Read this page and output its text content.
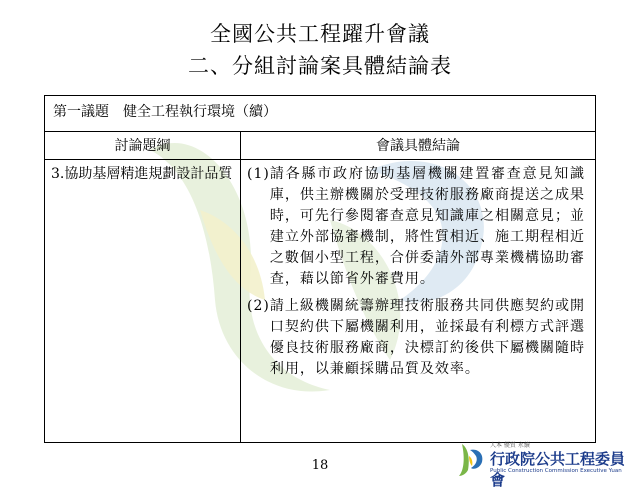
全國公共工程躍升會議
二、分組討論案具體結論表
第一議題　健全工程執行環境（續）	
討論題綱	會議具體結論
3.協助基層精進規劃設計品質	(1) 請各縣市政府協助基層機關建置審查意見知識庫，供主辦機關於受理技術服務廠商提送之成果時，可先行參閱審查意見知識庫之相關意見；並建立外部協審機制，將性質相近、施工期程相近之數個小型工程，合併委請外部專業機構協助審查，藉以節省外審費用。
(2) 請上級機關統籌辦理技術服務共同供應契約或開口契約供下屬機關利用，並採最有利標方式評選優良技術服務廠商，決標訂約後供下屬機關隨時利用，以兼顧採購品質及效率。
18
人本 優質 永續
行政院公共工程委員會
Public Construction Commission Executive Yuan
